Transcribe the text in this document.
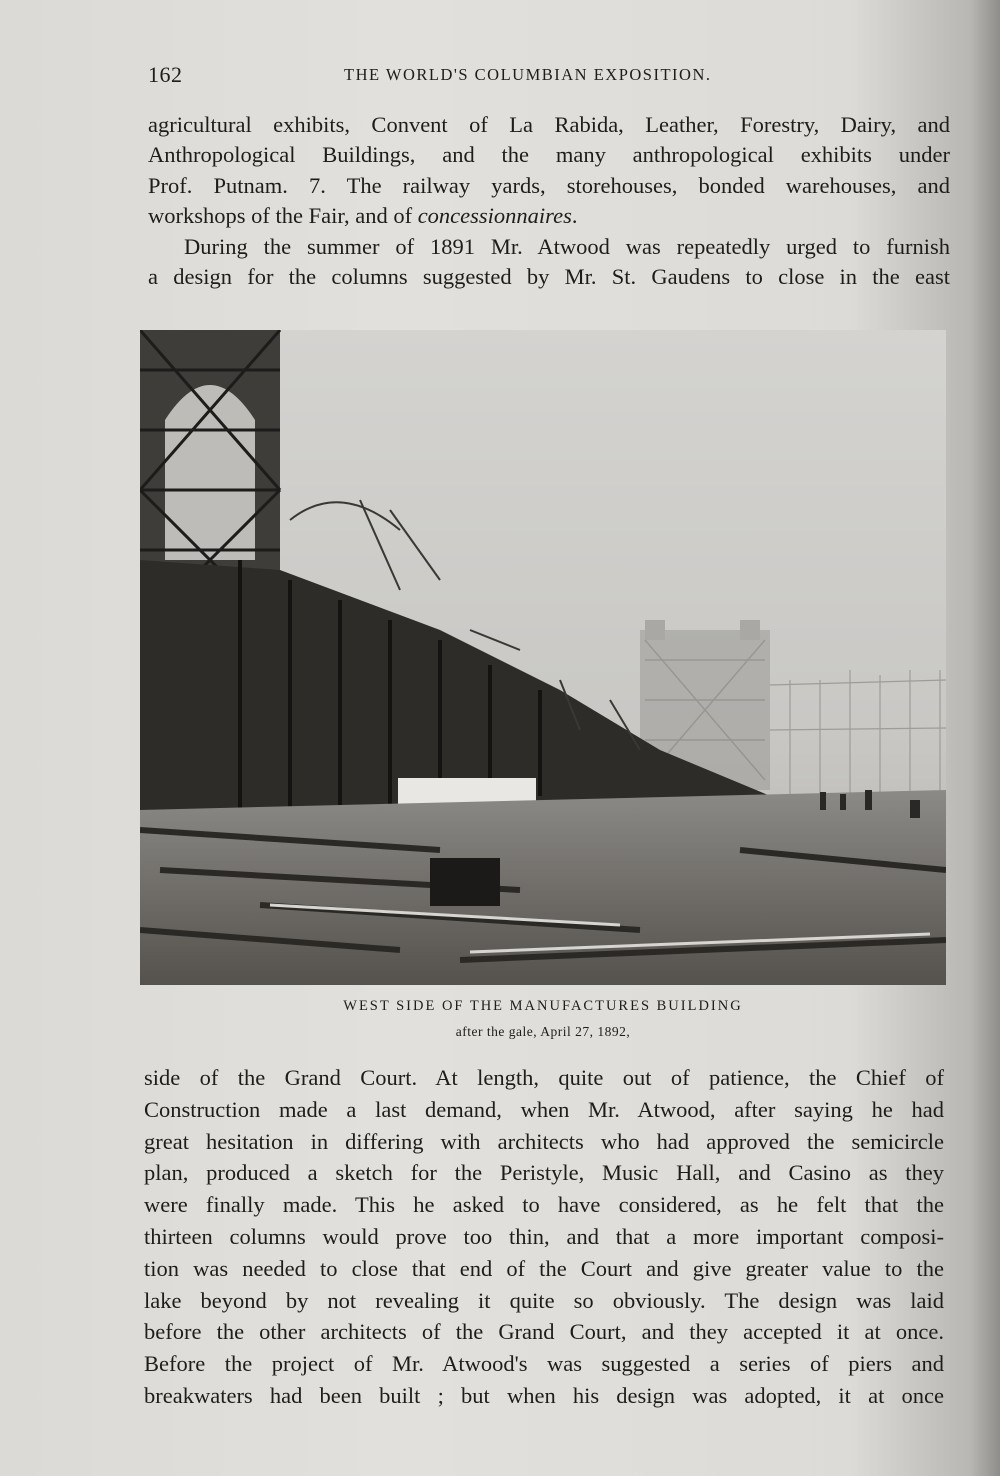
162	THE WORLD'S COLUMBIAN EXPOSITION.

agricultural exhibits, Convent of La Rabida, Leather, Forestry, Dairy, and
Anthropological Buildings, and the many anthropological exhibits under
Prof. Putnam. 7. The railway yards, storehouses, bonded warehouses, and
workshops of the Fair, and of concessionnaires.

During the summer of 1891 Mr. Atwood was repeatedly urged to furnish
a design for the columns suggested by Mr. St. Gaudens to close in the east

WEST SIDE OF THE MANUFACTURES BUILDING
after the gale, April 27, 1892,

side of the Grand Court. At length, quite out of patience, the Chief of
Construction made a last demand, when Mr. Atwood, after saying he had
great hesitation in differing with architects who had approved the semicircle
plan, produced a sketch for the Peristyle, Music Hall, and Casino as they
were finally made. This he asked to have considered, as he felt that the
thirteen columns would prove too thin, and that a more important composi-
tion was needed to close that end of the Court and give greater value to the
lake beyond by not revealing it quite so obviously. The design was laid
before the other architects of the Grand Court, and they accepted it at once.
Before the project of Mr. Atwood's was suggested a series of piers and
breakwaters had been built ; but when his design was adopted, it at once
